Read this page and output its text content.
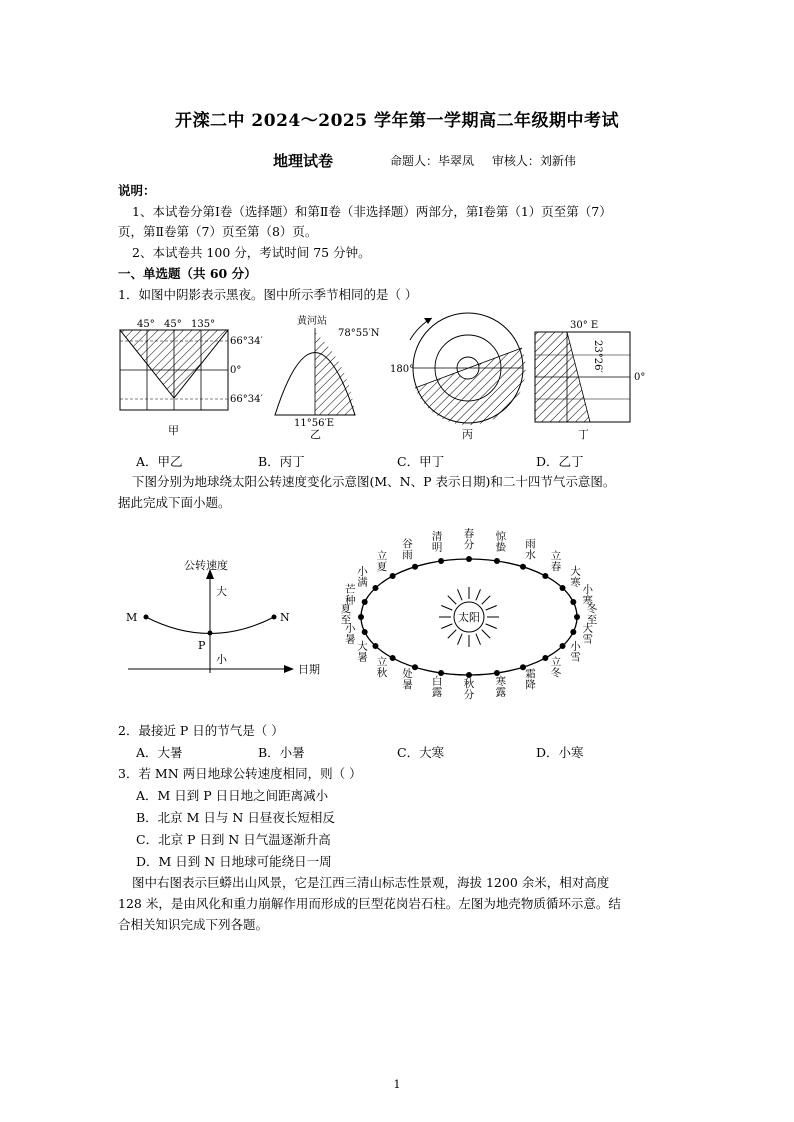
开滦二中 2024～2025 学年第一学期高二年级期中考试
地理试卷	命题人：毕翠凤 审核人：刘新伟
说明：
1、本试卷分第Ⅰ卷（选择题）和第Ⅱ卷（非选择题）两部分，第Ⅰ卷第（1）页至第（7）
页，第Ⅱ卷第（7）页至第（8）页。
2、本试卷共 100 分，考试时间 75 分钟。
一、单选题（共 60 分）
1．如图中阴影表示黑夜。图中所示季节相同的是（ ）
45° 45° 135°
66°34′
0°
66°34′
甲
黄河站
78°55′N
11°56′E
乙
180°
丙
30° E
23°26′
0°
丁
A．甲乙	B．丙丁	C．甲丁	D．乙丁
下图分别为地球绕太阳公转速度变化示意图(M、N、P 表示日期)和二十四节气示意图。
据此完成下面小题。
公转速度
大
小
日期
M
P
N	太阳
春分
惊蛰 雨水 立春 大寒
小寒
冬至
大雪
小雪
立冬
霜降
寒露
秋分
白露
处暑
立秋
大暑
小暑
夏至
芒种
小满
立夏
谷雨
清明
2．最接近 P 日的节气是（ ）
A．大暑	B．小暑	C．大寒	D．小寒
3．若 MN 两日地球公转速度相同，则（ ）
A．M 日到 P 日日地之间距离减小
B．北京 M 日与 N 日昼夜长短相反
C．北京 P 日到 N 日气温逐渐升高
D．M 日到 N 日地球可能绕日一周
图中右图表示巨蟒出山风景，它是江西三清山标志性景观，海拔 1200 余米，相对高度
128 米，是由风化和重力崩解作用而形成的巨型花岗岩石柱。左图为地壳物质循环示意。结
合相关知识完成下列各题。
1
